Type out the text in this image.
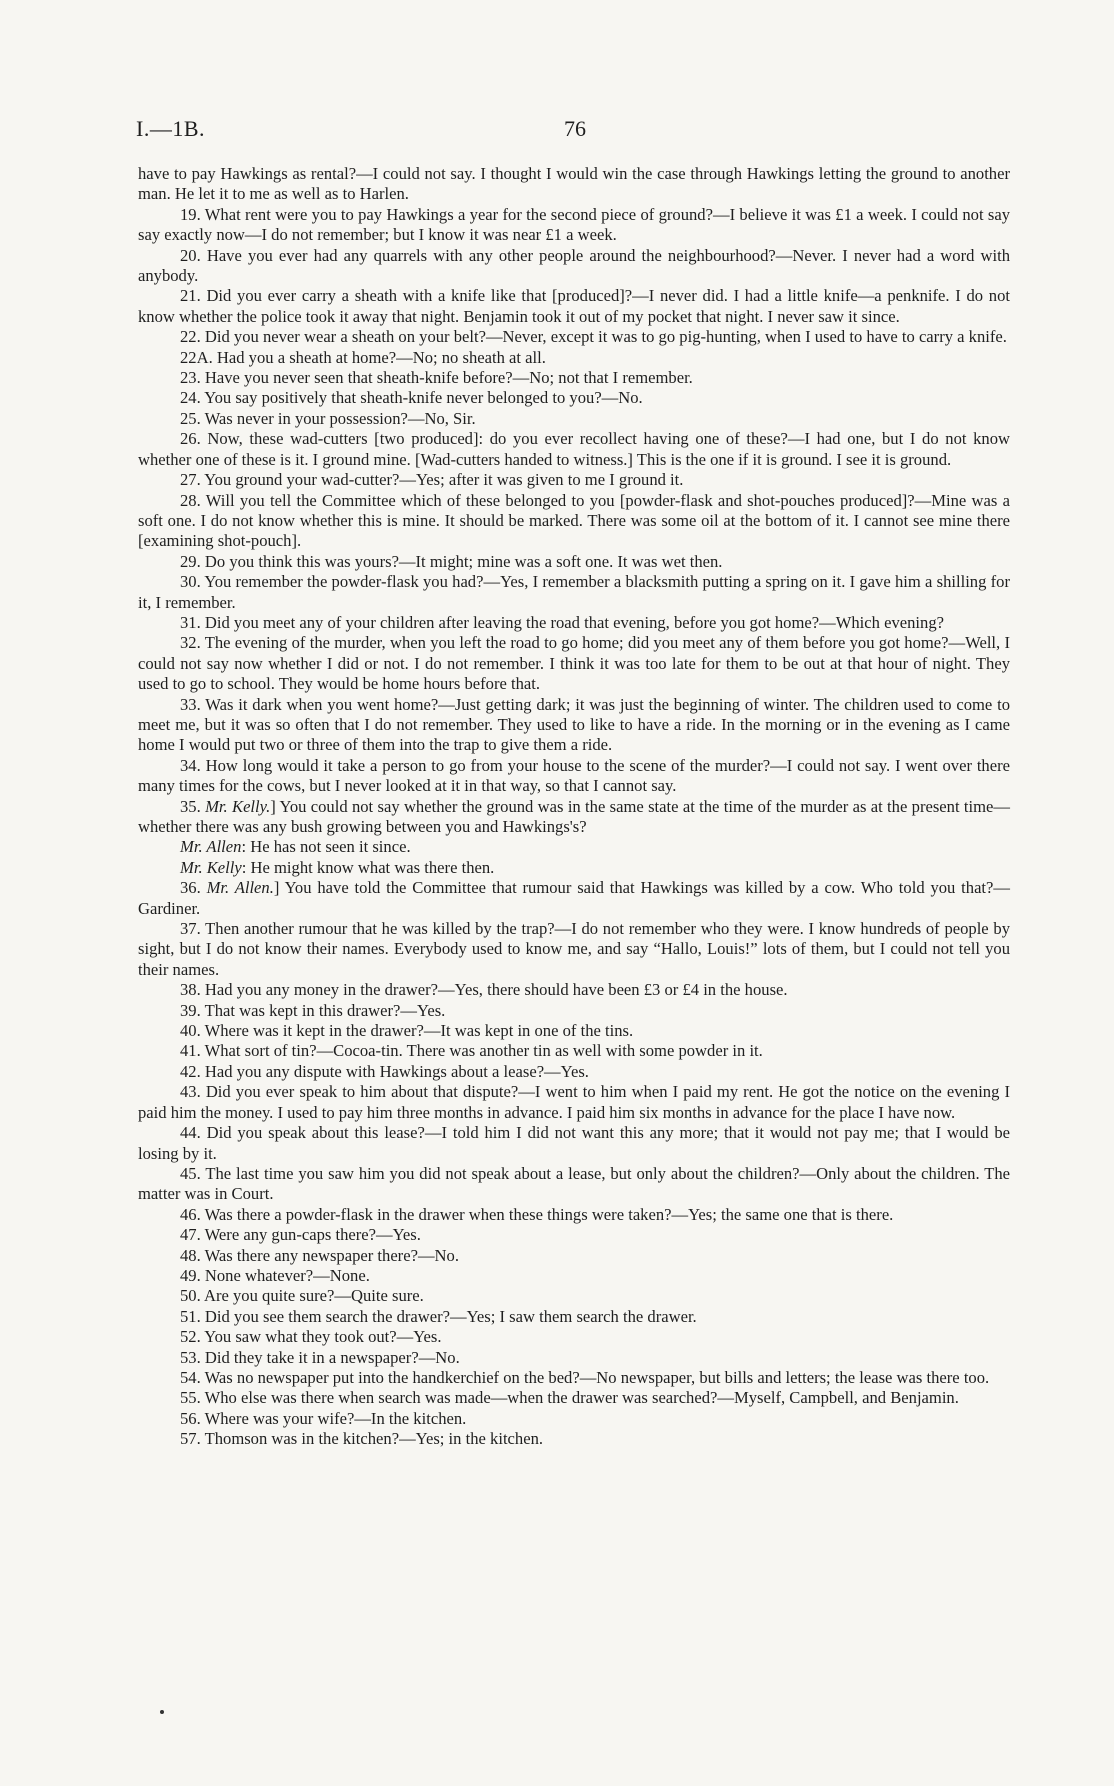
I.—1B.	76

have to pay Hawkings as rental?—I could not say. I thought I would win the case through Hawkings letting the ground to another man. He let it to me as well as to Harlen.

19. What rent were you to pay Hawkings a year for the second piece of ground?—I believe it was £1 a week. I could not say say exactly now—I do not remember; but I know it was near £1 a week.

20. Have you ever had any quarrels with any other people around the neighbourhood?—Never. I never had a word with anybody.

21. Did you ever carry a sheath with a knife like that [produced]?—I never did. I had a little knife—a penknife. I do not know whether the police took it away that night. Benjamin took it out of my pocket that night. I never saw it since.

22. Did you never wear a sheath on your belt?—Never, except it was to go pig-hunting, when I used to have to carry a knife.

22A. Had you a sheath at home?—No; no sheath at all.

23. Have you never seen that sheath-knife before?—No; not that I remember.

24. You say positively that sheath-knife never belonged to you?—No.

25. Was never in your possession?—No, Sir.

26. Now, these wad-cutters [two produced]: do you ever recollect having one of these?—I had one, but I do not know whether one of these is it. I ground mine. [Wad-cutters handed to witness.] This is the one if it is ground. I see it is ground.

27. You ground your wad-cutter?—Yes; after it was given to me I ground it.

28. Will you tell the Committee which of these belonged to you [powder-flask and shot-pouches produced]?—Mine was a soft one. I do not know whether this is mine. It should be marked. There was some oil at the bottom of it. I cannot see mine there [examining shot-pouch].

29. Do you think this was yours?—It might; mine was a soft one. It was wet then.

30. You remember the powder-flask you had?—Yes, I remember a blacksmith putting a spring on it. I gave him a shilling for it, I remember.

31. Did you meet any of your children after leaving the road that evening, before you got home?—Which evening?

32. The evening of the murder, when you left the road to go home; did you meet any of them before you got home?—Well, I could not say now whether I did or not. I do not remember. I think it was too late for them to be out at that hour of night. They used to go to school. They would be home hours before that.

33. Was it dark when you went home?—Just getting dark; it was just the beginning of winter. The children used to come to meet me, but it was so often that I do not remember. They used to like to have a ride. In the morning or in the evening as I came home I would put two or three of them into the trap to give them a ride.

34. How long would it take a person to go from your house to the scene of the murder?—I could not say. I went over there many times for the cows, but I never looked at it in that way, so that I cannot say.

35. Mr. Kelly.] You could not say whether the ground was in the same state at the time of the murder as at the present time—whether there was any bush growing between you and Hawkings's?

Mr. Allen: He has not seen it since.

Mr. Kelly: He might know what was there then.

36. Mr. Allen.] You have told the Committee that rumour said that Hawkings was killed by a cow. Who told you that?—Gardiner.

37. Then another rumour that he was killed by the trap?—I do not remember who they were. I know hundreds of people by sight, but I do not know their names. Everybody used to know me, and say “Hallo, Louis!” lots of them, but I could not tell you their names.

38. Had you any money in the drawer?—Yes, there should have been £3 or £4 in the house.

39. That was kept in this drawer?—Yes.

40. Where was it kept in the drawer?—It was kept in one of the tins.

41. What sort of tin?—Cocoa-tin. There was another tin as well with some powder in it.

42. Had you any dispute with Hawkings about a lease?—Yes.

43. Did you ever speak to him about that dispute?—I went to him when I paid my rent. He got the notice on the evening I paid him the money. I used to pay him three months in advance. I paid him six months in advance for the place I have now.

44. Did you speak about this lease?—I told him I did not want this any more; that it would not pay me; that I would be losing by it.

45. The last time you saw him you did not speak about a lease, but only about the children?—Only about the children. The matter was in Court.

46. Was there a powder-flask in the drawer when these things were taken?—Yes; the same one that is there.

47. Were any gun-caps there?—Yes.

48. Was there any newspaper there?—No.

49. None whatever?—None.

50. Are you quite sure?—Quite sure.

51. Did you see them search the drawer?—Yes; I saw them search the drawer.

52. You saw what they took out?—Yes.

53. Did they take it in a newspaper?—No.

54. Was no newspaper put into the handkerchief on the bed?—No newspaper, but bills and letters; the lease was there too.

55. Who else was there when search was made—when the drawer was searched?—Myself, Campbell, and Benjamin.

56. Where was your wife?—In the kitchen.

57. Thomson was in the kitchen?—Yes; in the kitchen.
